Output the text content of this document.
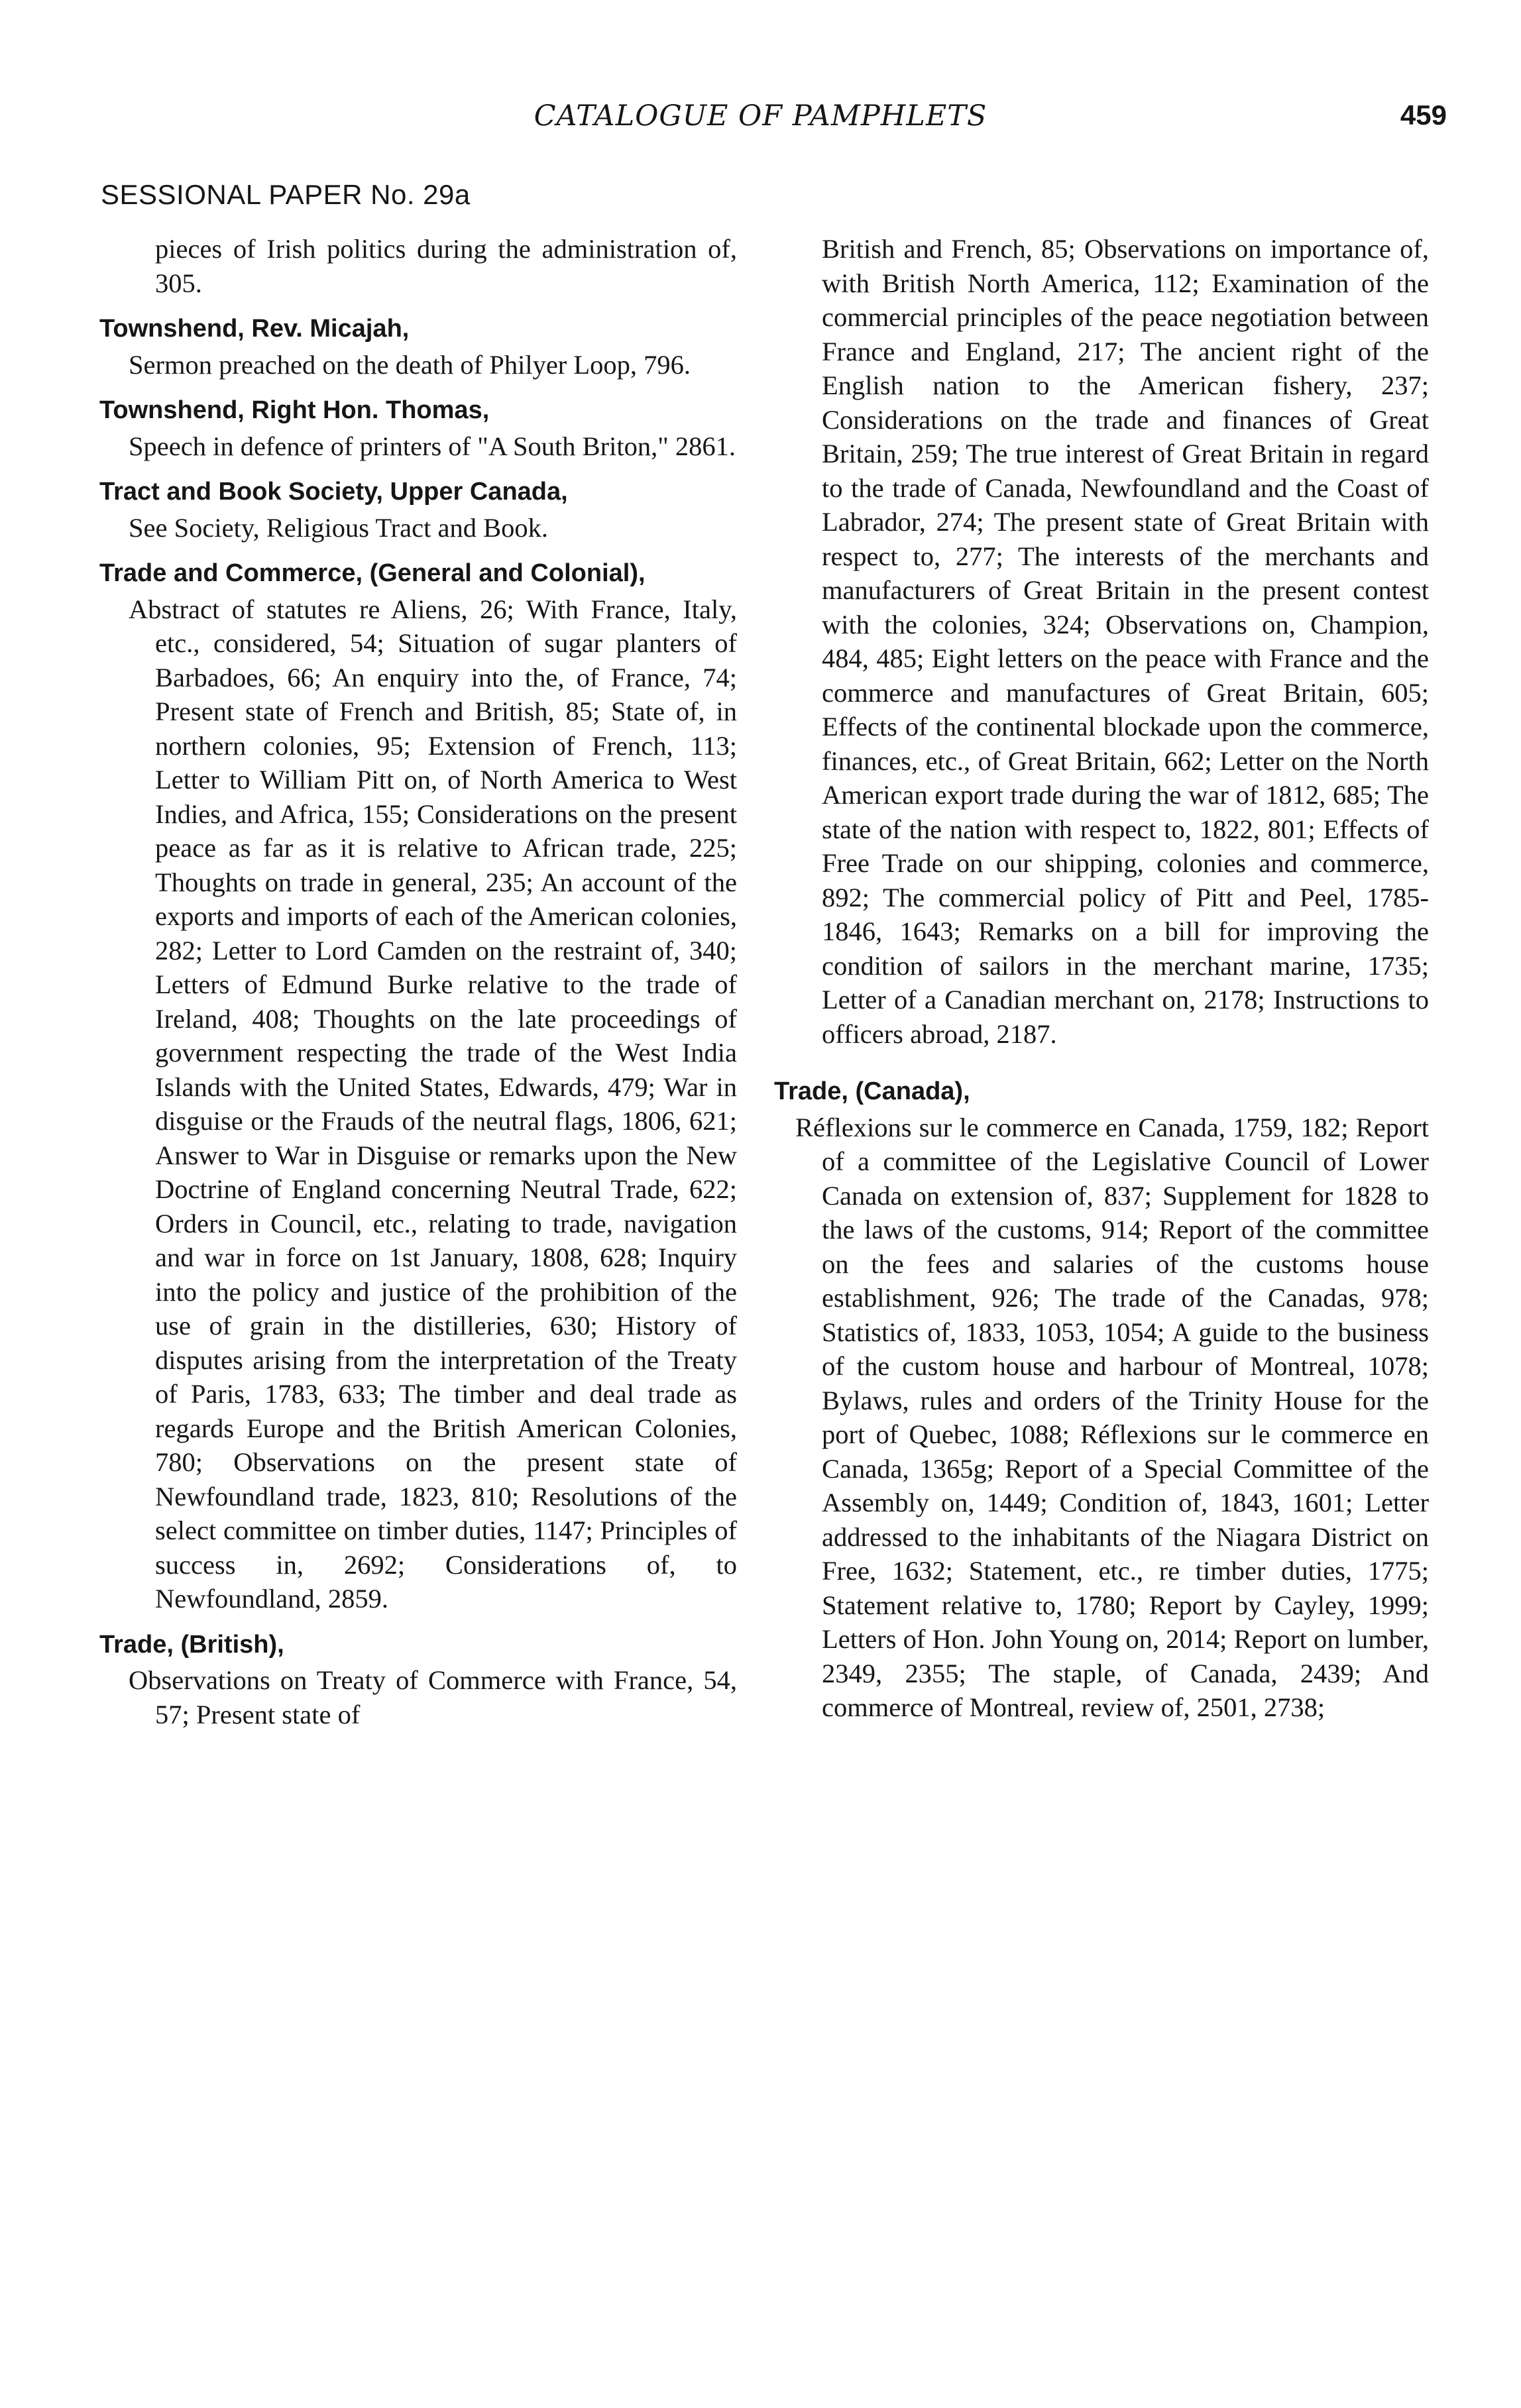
CATALOGUE OF PAMPHLETS	459
SESSIONAL PAPER No. 29a

pieces of Irish politics during the administration of, 305.

Townshend, Rev. Micajah,

Sermon preached on the death of Philyer Loop, 796.

Townshend, Right Hon. Thomas,

Speech in defence of printers of "A South Briton," 2861.

Tract and Book Society, Upper Canada,

See Society, Religious Tract and Book.

Trade and Commerce, (General and Colonial),

Abstract of statutes re Aliens, 26; With France, Italy, etc., considered, 54; Situation of sugar planters of Barbadoes, 66; An enquiry into the, of France, 74; Present state of French and British, 85; State of, in northern colonies, 95; Extension of French, 113; Letter to William Pitt on, of North America to West Indies, and Africa, 155; Considerations on the present peace as far as it is relative to African trade, 225; Thoughts on trade in general, 235; An account of the exports and imports of each of the American colonies, 282; Letter to Lord Camden on the restraint of, 340; Letters of Edmund Burke relative to the trade of Ireland, 408; Thoughts on the late proceedings of government respecting the trade of the West India Islands with the United States, Edwards, 479; War in disguise or the Frauds of the neutral flags, 1806, 621; Answer to War in Disguise or remarks upon the New Doctrine of England concerning Neutral Trade, 622; Orders in Council, etc., relating to trade, navigation and war in force on 1st January, 1808, 628; Inquiry into the policy and justice of the prohibition of the use of grain in the distilleries, 630; History of disputes arising from the interpretation of the Treaty of Paris, 1783, 633; The timber and deal trade as regards Europe and the British American Colonies, 780; Observations on the present state of Newfoundland trade, 1823, 810; Resolutions of the select committee on timber duties, 1147; Principles of success in, 2692; Considerations of, to Newfoundland, 2859.

Trade, (British),

Observations on Treaty of Commerce with France, 54, 57; Present state of

British and French, 85; Observations on importance of, with British North America, 112; Examination of the commercial principles of the peace negotiation between France and England, 217; The ancient right of the English nation to the American fishery, 237; Considerations on the trade and finances of Great Britain, 259; The true interest of Great Britain in regard to the trade of Canada, Newfoundland and the Coast of Labrador, 274; The present state of Great Britain with respect to, 277; The interests of the merchants and manufacturers of Great Britain in the present contest with the colonies, 324; Observations on, Champion, 484, 485; Eight letters on the peace with France and the commerce and manufactures of Great Britain, 605; Effects of the continental blockade upon the commerce, finances, etc., of Great Britain, 662; Letter on the North American export trade during the war of 1812, 685; The state of the nation with respect to, 1822, 801; Effects of Free Trade on our shipping, colonies and commerce, 892; The commercial policy of Pitt and Peel, 1785-1846, 1643; Remarks on a bill for improving the condition of sailors in the merchant marine, 1735; Letter of a Canadian merchant on, 2178; Instructions to officers abroad, 2187.

Trade, (Canada),

Réflexions sur le commerce en Canada, 1759, 182; Report of a committee of the Legislative Council of Lower Canada on extension of, 837; Supplement for 1828 to the laws of the customs, 914; Report of the committee on the fees and salaries of the customs house establishment, 926; The trade of the Canadas, 978; Statistics of, 1833, 1053, 1054; A guide to the business of the custom house and harbour of Montreal, 1078; Bylaws, rules and orders of the Trinity House for the port of Quebec, 1088; Réflexions sur le commerce en Canada, 1365g; Report of a Special Committee of the Assembly on, 1449; Condition of, 1843, 1601; Letter addressed to the inhabitants of the Niagara District on Free, 1632; Statement, etc., re timber duties, 1775; Statement relative to, 1780; Report by Cayley, 1999; Letters of Hon. John Young on, 2014; Report on lumber, 2349, 2355; The staple, of Canada, 2439; And commerce of Montreal, review of, 2501, 2738;
